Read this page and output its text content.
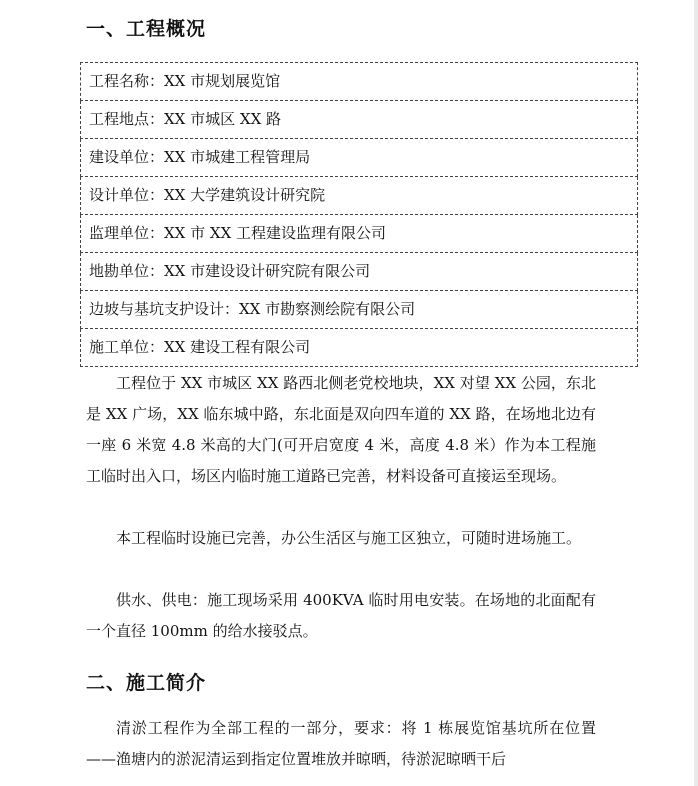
一、工程概况
工程名称：XX 市规划展览馆
工程地点：XX 市城区 XX 路
建设单位：XX 市城建工程管理局
设计单位：XX 大学建筑设计研究院
监理单位：XX 市 XX 工程建设监理有限公司
地勘单位：XX 市建设设计研究院有限公司
边坡与基坑支护设计：XX 市勘察测绘院有限公司
施工单位：XX 建设工程有限公司

工程位于 XX 市城区 XX 路西北侧老党校地块，XX 对望 XX 公园，东北是 XX 广场，XX 临东城中路，东北面是双向四车道的 XX 路，在场地北边有一座 6 米宽 4.8 米高的大门(可开启宽度 4 米，高度 4.8 米）作为本工程施工临时出入口，场区内临时施工道路已完善，材料设备可直接运至现场。

本工程临时设施已完善，办公生活区与施工区独立，可随时进场施工。

供水、供电：施工现场采用 400KVA 临时用电安装。在场地的北面配有一个直径 100mm 的给水接驳点。

二、施工简介

清淤工程作为全部工程的一部分，要求：将 1 栋展览馆基坑所在位置——渔塘内的淤泥清运到指定位置堆放并晾晒，待淤泥晾晒干后
